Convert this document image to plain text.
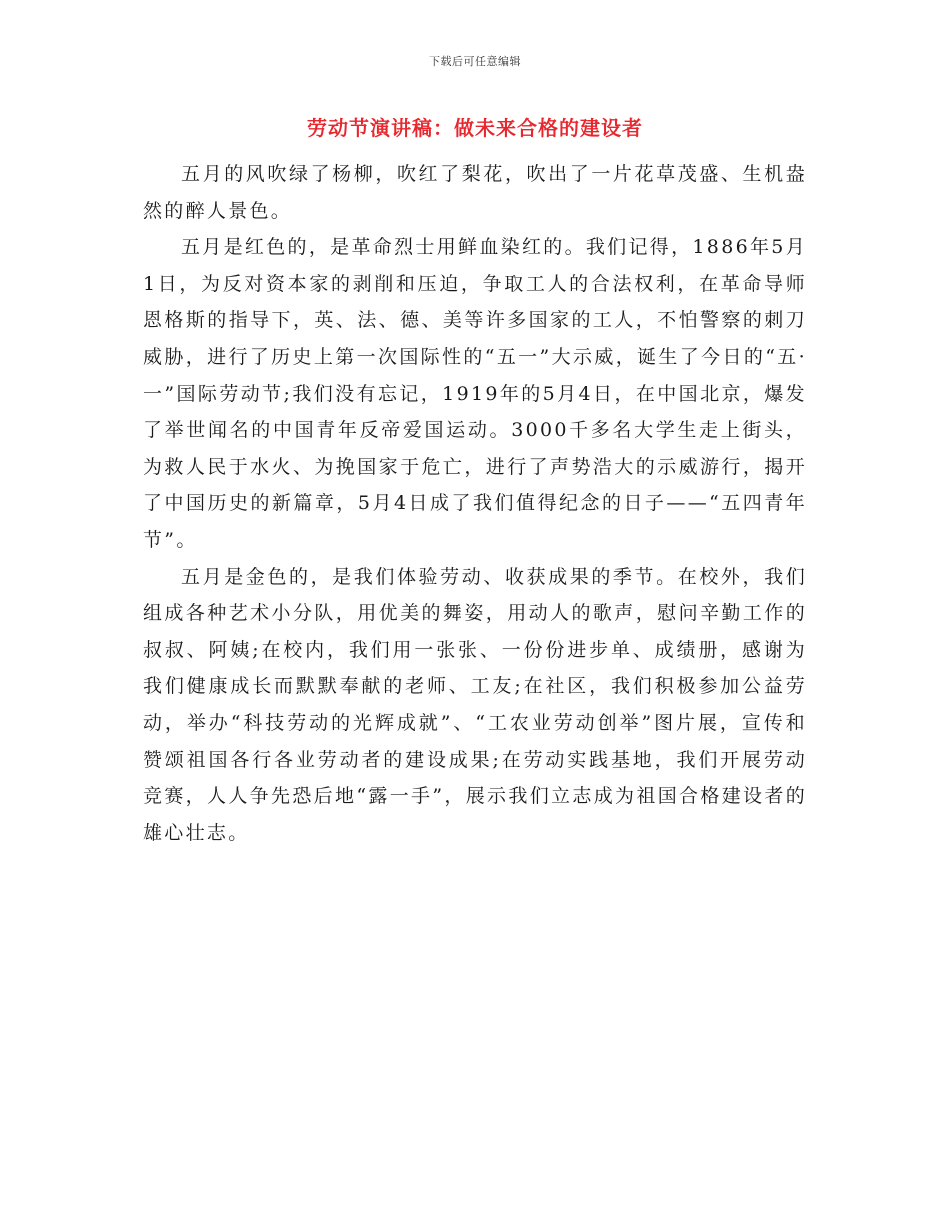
下载后可任意编辑
劳动节演讲稿：做未来合格的建设者

五月的风吹绿了杨柳，吹红了梨花，吹出了一片花草茂盛、生机盎然的醉人景色。

五月是红色的，是革命烈士用鲜血染红的。我们记得，1886年5月1日，为反对资本家的剥削和压迫，争取工人的合法权利，在革命导师恩格斯的指导下，英、法、德、美等许多国家的工人，不怕警察的刺刀威胁，进行了历史上第一次国际性的“五一”大示威，诞生了今日的“五·一”国际劳动节;我们没有忘记，1919年的5月4日，在中国北京，爆发了举世闻名的中国青年反帝爱国运动。3000千多名大学生走上街头，为救人民于水火、为挽国家于危亡，进行了声势浩大的示威游行，揭开了中国历史的新篇章，5月4日成了我们值得纪念的日子——“五四青年节”。

五月是金色的，是我们体验劳动、收获成果的季节。在校外，我们组成各种艺术小分队，用优美的舞姿，用动人的歌声，慰问辛勤工作的叔叔、阿姨;在校内，我们用一张张、一份份进步单、成绩册，感谢为我们健康成长而默默奉献的老师、工友;在社区，我们积极参加公益劳动，举办“科技劳动的光辉成就”、“工农业劳动创举”图片展，宣传和赞颂祖国各行各业劳动者的建设成果;在劳动实践基地，我们开展劳动竞赛，人人争先恐后地“露一手”，展示我们立志成为祖国合格建设者的雄心壮志。
